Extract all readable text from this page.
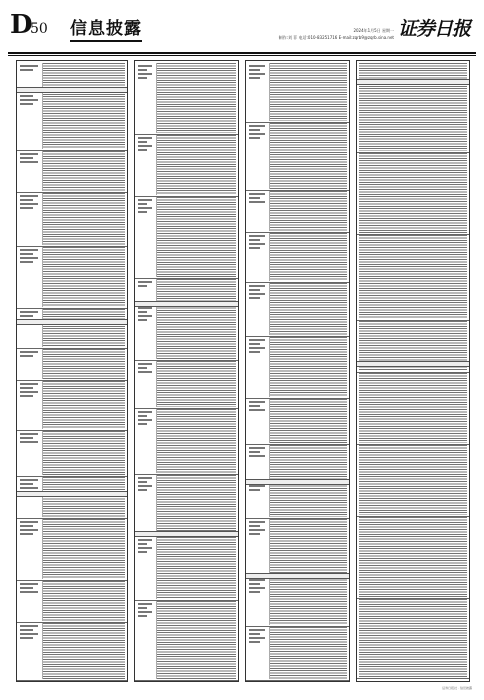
D
50 信息披露	2024年1月5日 星期一
制作:刘 菲 电话:010-83251716 E-mail:zqrb9@zqrb.sina.net 证券日报
证券日报社 · 信息披露
